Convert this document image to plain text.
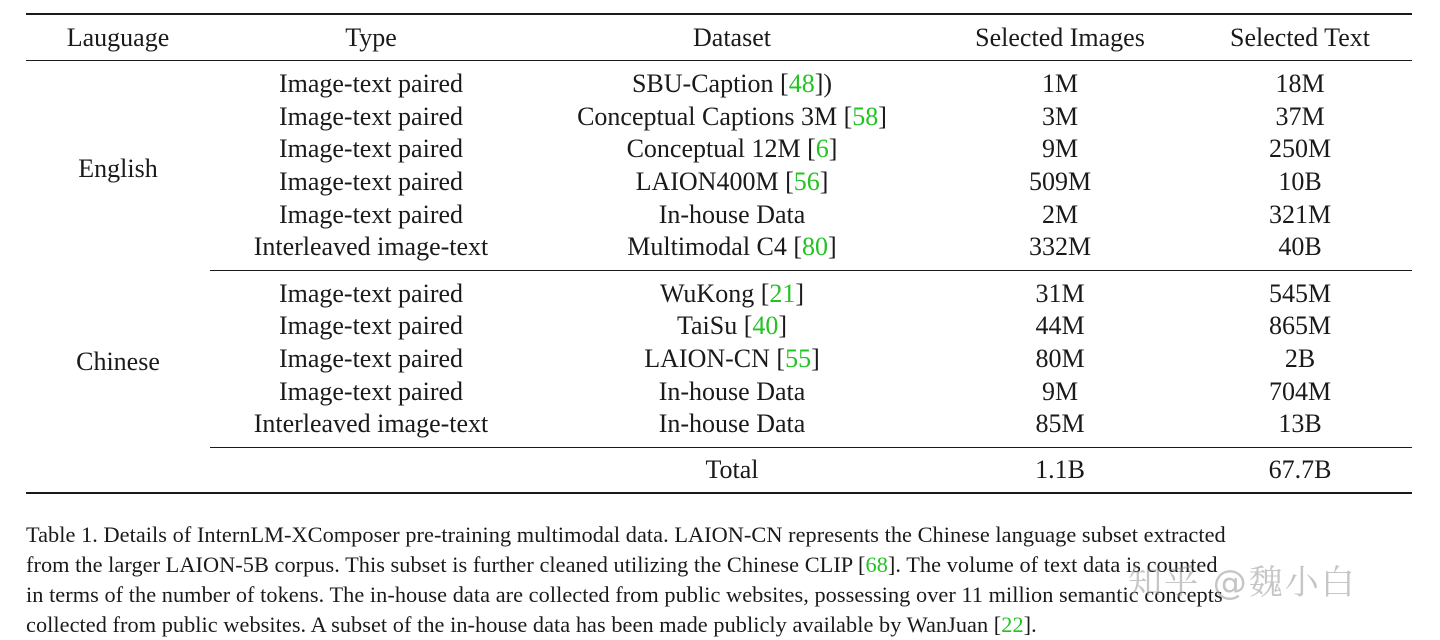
Lauguage	Type	Dataset	Selected Images	Selected Text
English	Image-text paired	SBU-Caption [48])	1M	18M
	Image-text paired	Conceptual Captions 3M [58]	3M	37M
	Image-text paired	Conceptual 12M [6]	9M	250M
	Image-text paired	LAION400M [56]	509M	10B
	Image-text paired	In-house Data	2M	321M
	Interleaved image-text	Multimodal C4 [80]	332M	40B
Chinese	Image-text paired	WuKong [21]	31M	545M
	Image-text paired	TaiSu [40]	44M	865M
	Image-text paired	LAION-CN [55]	80M	2B
	Image-text paired	In-house Data	9M	704M
	Interleaved image-text	In-house Data	85M	13B
		Total	1.1B	67.7B
Table 1. Details of InternLM-XComposer pre-training multimodal data. LAION-CN represents the Chinese language subset extracted
from the larger LAION-5B corpus. This subset is further cleaned utilizing the Chinese CLIP [68]. The volume of text data is counted
in terms of the number of tokens. The in-house data are collected from public websites, possessing over 11 million semantic concepts
collected from public websites. A subset of the in-house data has been made publicly available by WanJuan [22].
知乎 @魏小白
